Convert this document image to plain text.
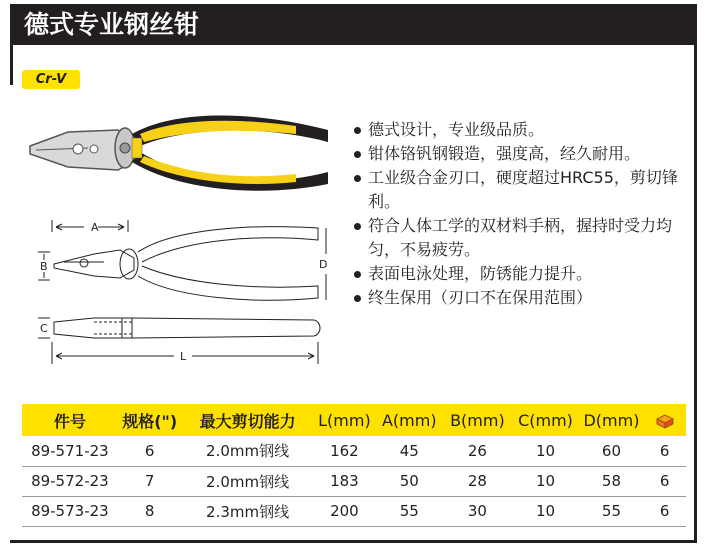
德式专业钢丝钳
Cr-V
A
B	D
C
L
德式设计，专业级品质。
钳体铬钒钢锻造，强度高，经久耐用。
工业级合金刃口，硬度超过HRC55，剪切锋利。
符合人体工学的双材料手柄，握持时受力均匀，不易疲劳。
表面电泳处理，防锈能力提升。
终生保用（刃口不在保用范围）
件号	规格(")	最大剪切能力	L(mm)	A(mm)	B(mm)	C(mm)	D(mm)	
89-571-23	6	2.0mm钢线	162	45	26	10	60	6
89-572-23	7	2.0mm钢线	183	50	28	10	58	6
89-573-23	8	2.3mm钢线	200	55	30	10	55	6
